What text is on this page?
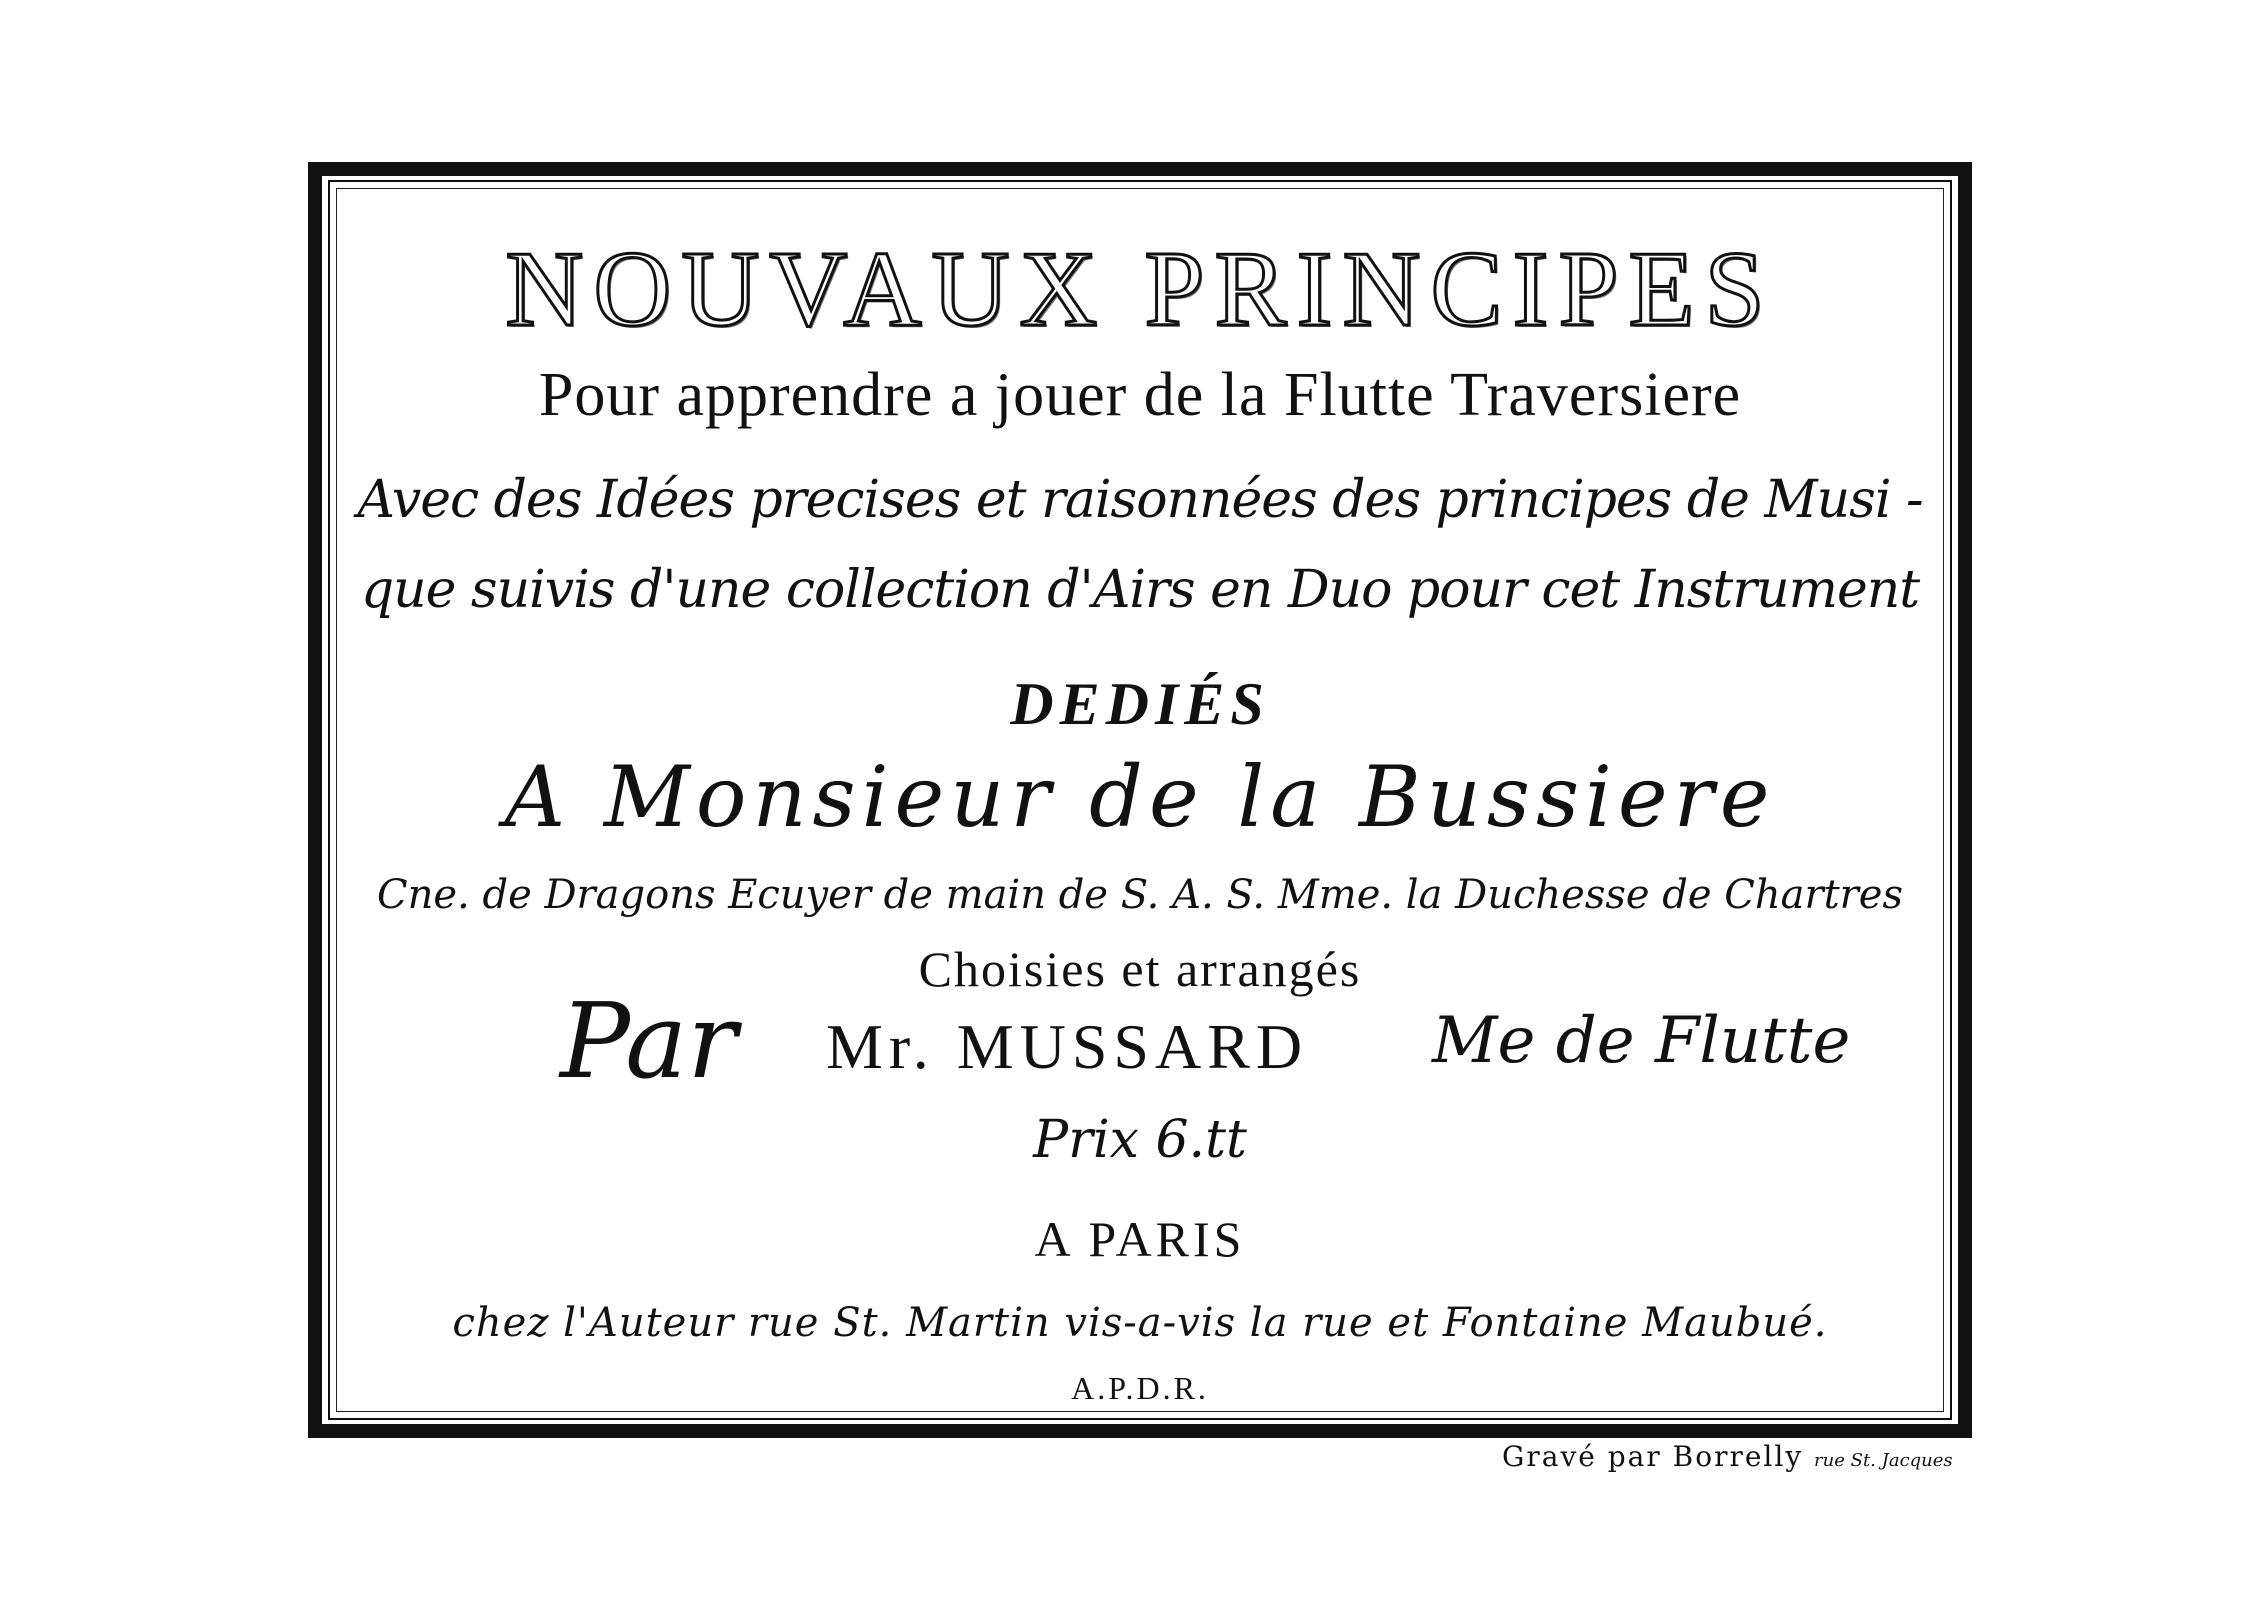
NOUVAUX PRINCIPES
Pour apprendre a jouer de la Flutte Traversiere
Avec des Idées precises et raisonnées des principes de Musi -
que suivis d'une collection d'Airs en Duo pour cet Instrument
DEDIÉS
A Monsieur de la Bussiere
Cne. de Dragons Ecuyer de main de S. A. S. Mme. la Duchesse de Chartres
Choisies et arrangés
Par Mr. MUSSARD Me de Flutte
Prix 6.tt
A PARIS
chez l'Auteur rue St. Martin vis-a-vis la rue et Fontaine Maubué.
A.P.D.R.
Gravé par Borrelly rue St. Jacques
